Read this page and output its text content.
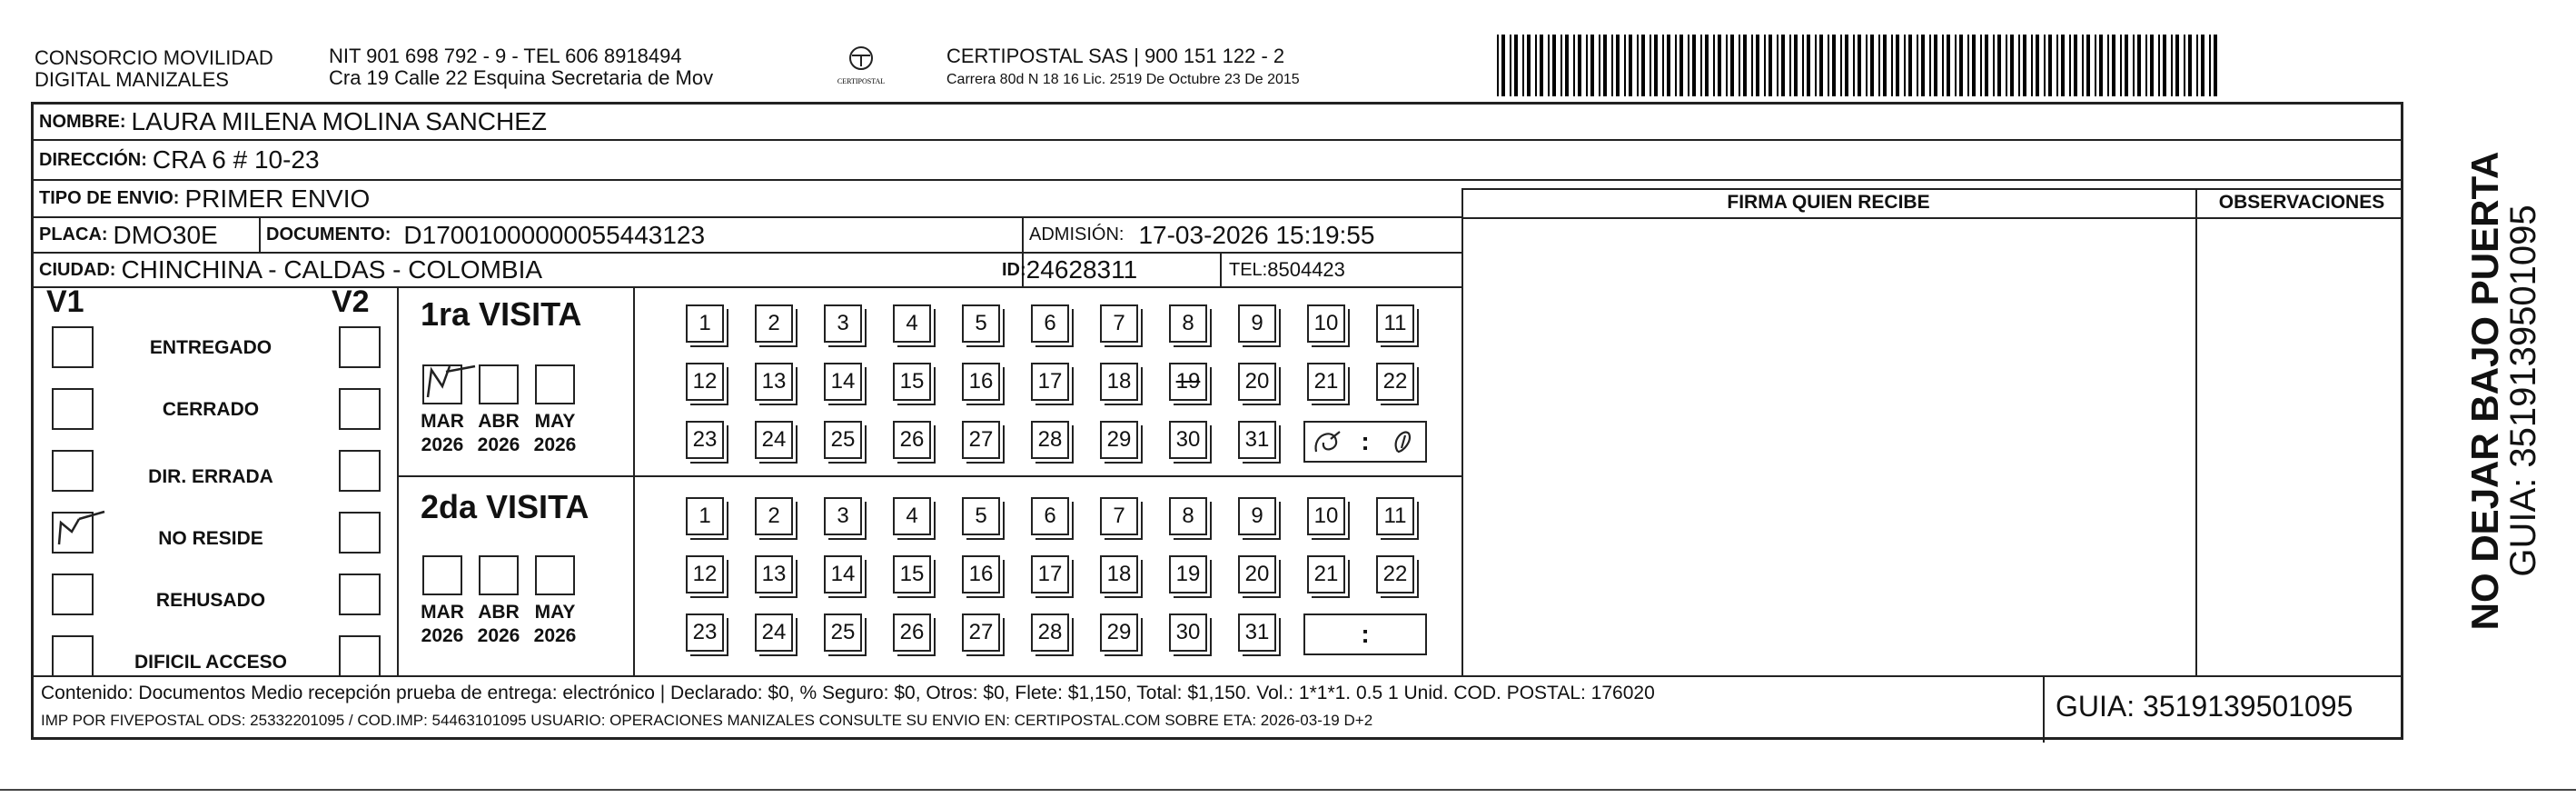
CONSORCIO MOVILIDAD
DIGITAL MANIZALES
NIT 901 698 792 - 9 - TEL 606 8918494
Cra 19 Calle 22 Esquina Secretaria de Mov	CERTIPOSTAL
CERTIPOSTAL SAS | 900 151 122 - 2
Carrera 80d N 18 16 Lic. 2519 De Octubre 23 De 2015
NOMBRE: LAURA MILENA MOLINA SANCHEZ
DIRECCIÓN: CRA 6 # 10-23
TIPO DE ENVIO: PRIMER ENVIO
PLACA: DMO30E	DOCUMENTO: D17001000000055443123	ADMISIÓN: 17-03-2026 15:19:55
CIUDAD: CHINCHINA - CALDAS - COLOMBIA	ID: 24628311	TEL: 8504423
FIRMA QUIEN RECIBE	OBSERVACIONES
V1	V2
ENTREGADO
CERRADO
DIR. ERRADA
NO RESIDE
REHUSADO
DIFICIL ACCESO
1ra VISITA
2da VISITA
MAR
2026
ABR
2026
MAY
2026
MAR
2026
ABR
2026
MAY
2026
1	2	3	4	5	6	7	8	9	10	11
12	13	14	15	16	17	18	19	20	21	22
23	24	25	26	27	28	29	30	31	:
1	2	3	4	5	6	7	8	9	10	11
12	13	14	15	16	17	18	19	20	21	22
23	24	25	26	27	28	29	30	31	:
Contenido: Documentos Medio recepción prueba de entrega: electrónico | Declarado: $0, % Seguro: $0, Otros: $0, Flete: $1,150, Total: $1,150. Vol.: 1*1*1. 0.5 1 Unid. COD. POSTAL: 176020
IMP POR FIVEPOSTAL ODS: 25332201095 / COD.IMP: 54463101095 USUARIO: OPERACIONES MANIZALES CONSULTE SU ENVIO EN: CERTIPOSTAL.COM SOBRE ETA: 2026-03-19 D+2	GUIA: 3519139501095
NO DEJAR BAJO PUERTA
GUIA: 3519139501095
